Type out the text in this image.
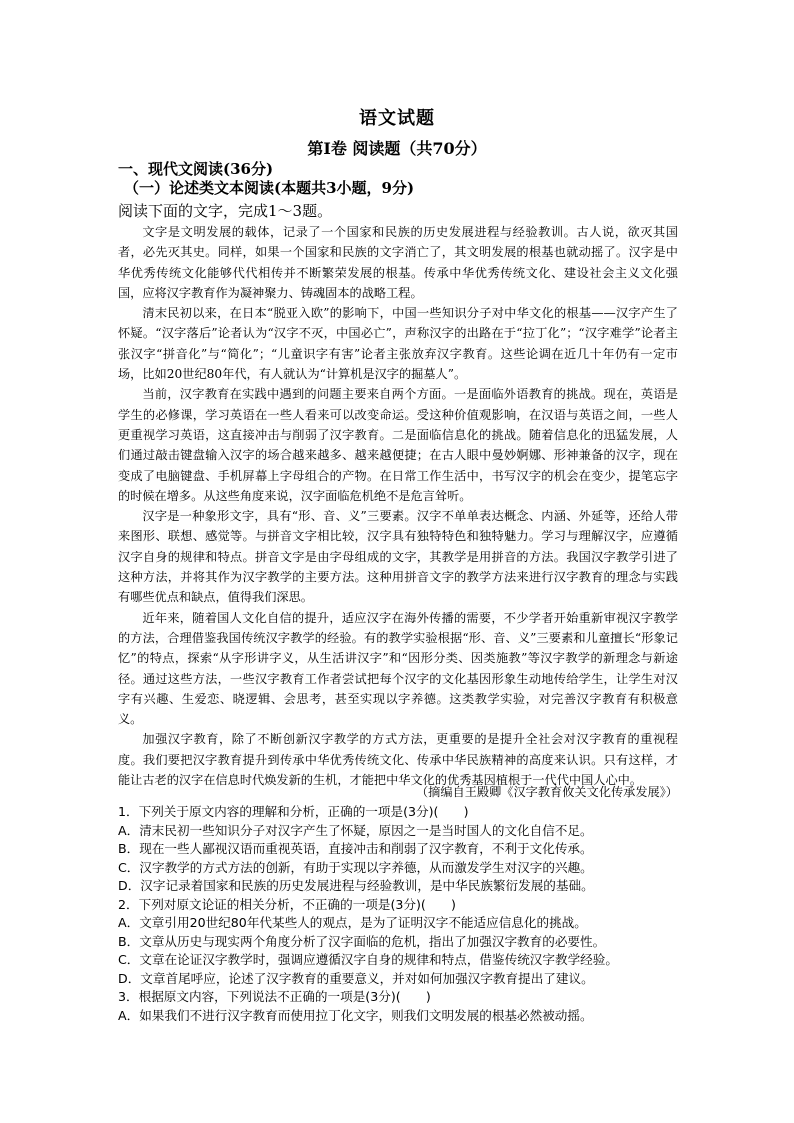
语文试题
第Ⅰ卷 阅读题（共70分）
一、现代文阅读(36分)
（一）论述类文本阅读(本题共3小题，9分)
阅读下面的文字，完成1～3题。

文字是文明发展的载体，记录了一个国家和民族的历史发展进程与经验教训。古人说，欲灭其国者，必先灭其史。同样，如果一个国家和民族的文字消亡了，其文明发展的根基也就动摇了。汉字是中华优秀传统文化能够代代相传并不断繁荣发展的根基。传承中华优秀传统文化、建设社会主义文化强国，应将汉字教育作为凝神聚力、铸魂固本的战略工程。

清末民初以来，在日本“脱亚入欧”的影响下，中国一些知识分子对中华文化的根基——汉字产生了怀疑。“汉字落后”论者认为“汉字不灭，中国必亡”，声称汉字的出路在于“拉丁化”；“汉字难学”论者主张汉字“拼音化”与“简化”；“儿童识字有害”论者主张放弃汉字教育。这些论调在近几十年仍有一定市场，比如20世纪80年代，有人就认为“计算机是汉字的掘墓人”。

当前，汉字教育在实践中遇到的问题主要来自两个方面。一是面临外语教育的挑战。现在，英语是学生的必修课，学习英语在一些人看来可以改变命运。受这种价值观影响，在汉语与英语之间，一些人更重视学习英语，这直接冲击与削弱了汉字教育。二是面临信息化的挑战。随着信息化的迅猛发展，人们通过敲击键盘输入汉字的场合越来越多、越来越便捷；在古人眼中曼妙婀娜、形神兼备的汉字，现在变成了电脑键盘、手机屏幕上字母组合的产物。在日常工作生活中，书写汉字的机会在变少，提笔忘字的时候在增多。从这些角度来说，汉字面临危机绝不是危言耸听。

汉字是一种象形文字，具有“形、音、义”三要素。汉字不单单表达概念、内涵、外延等，还给人带来图形、联想、感觉等。与拼音文字相比较，汉字具有独特特色和独特魅力。学习与理解汉字，应遵循汉字自身的规律和特点。拼音文字是由字母组成的文字，其教学是用拼音的方法。我国汉字教学引进了这种方法，并将其作为汉字教学的主要方法。这种用拼音文字的教学方法来进行汉字教育的理念与实践有哪些优点和缺点，值得我们深思。

近年来，随着国人文化自信的提升，适应汉字在海外传播的需要，不少学者开始重新审视汉字教学的方法，合理借鉴我国传统汉字教学的经验。有的教学实验根据“形、音、义”三要素和儿童擅长“形象记忆”的特点，探索“从字形讲字义，从生活讲汉字”和“因形分类、因类施教”等汉字教学的新理念与新途径。通过这些方法，一些汉字教育工作者尝试把每个汉字的文化基因形象生动地传给学生，让学生对汉字有兴趣、生爱恋、晓逻辑、会思考，甚至实现以字养德。这类教学实验，对完善汉字教育有积极意义。

加强汉字教育，除了不断创新汉字教学的方式方法，更重要的是提升全社会对汉字教育的重视程度。我们要把汉字教育提升到传承中华优秀传统文化、传承中华民族精神的高度来认识。只有这样，才能让古老的汉字在信息时代焕发新的生机，才能把中华文化的优秀基因植根于一代代中国人心中。

（摘编自王殿卿《汉字教育攸关文化传承发展》）
1．下列关于原文内容的理解和分析，正确的一项是(3分)(　　)
A．清末民初一些知识分子对汉字产生了怀疑，原因之一是当时国人的文化自信不足。
B．现在一些人鄙视汉语而重视英语，直接冲击和削弱了汉字教育，不利于文化传承。
C．汉字教学的方式方法的创新，有助于实现以字养德，从而激发学生对汉字的兴趣。
D．汉字记录着国家和民族的历史发展进程与经验教训，是中华民族繁衍发展的基础。
2．下列对原文论证的相关分析，不正确的一项是(3分)(　　)
A．文章引用20世纪80年代某些人的观点，是为了证明汉字不能适应信息化的挑战。
B．文章从历史与现实两个角度分析了汉字面临的危机，指出了加强汉字教育的必要性。
C．文章在论证汉字教学时，强调应遵循汉字自身的规律和特点，借鉴传统汉字教学经验。
D．文章首尾呼应，论述了汉字教育的重要意义，并对如何加强汉字教育提出了建议。
3．根据原文内容，下列说法不正确的一项是(3分)(　　)
A．如果我们不进行汉字教育而使用拉丁化文字，则我们文明发展的根基必然被动摇。
